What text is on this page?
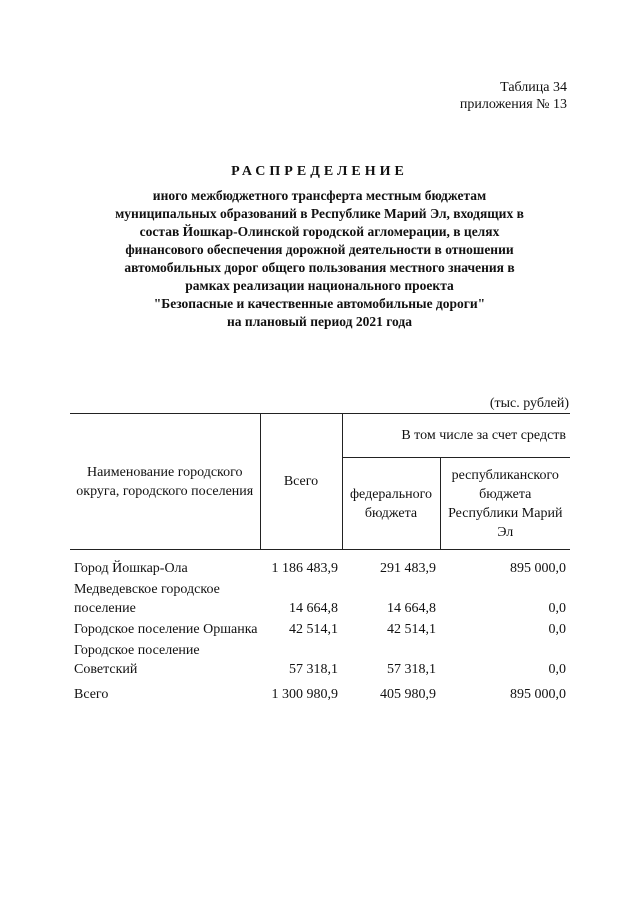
Таблица 34
приложения № 13
РАСПРЕДЕЛЕНИЕ
иного межбюджетного трансферта местным бюджетам
муниципальных образований в Республике Марий Эл, входящих в
состав Йошкар-Олинской городской агломерации, в целях
финансового обеспечения дорожной деятельности в отношении
автомобильных дорог общего пользования местного значения в
рамках реализации национального проекта
"Безопасные и качественные автомобильные дороги"
на плановый период 2021 года
(тыс. рублей)
Наименование городского округа, городского поселения	Всего	В том числе за счет средств	
		федерального бюджета	республиканского бюджета Республики Марий Эл

Город Йошкар-Ола	1 186 483,9	291 483,9	895 000,0
Медведевское городское поселение	14 664,8	14 664,8	0,0
Городское поселение Оршанка	42 514,1	42 514,1	0,0
Городское поселение Советский	57 318,1	57 318,1	0,0
Всего	1 300 980,9	405 980,9	895 000,0
